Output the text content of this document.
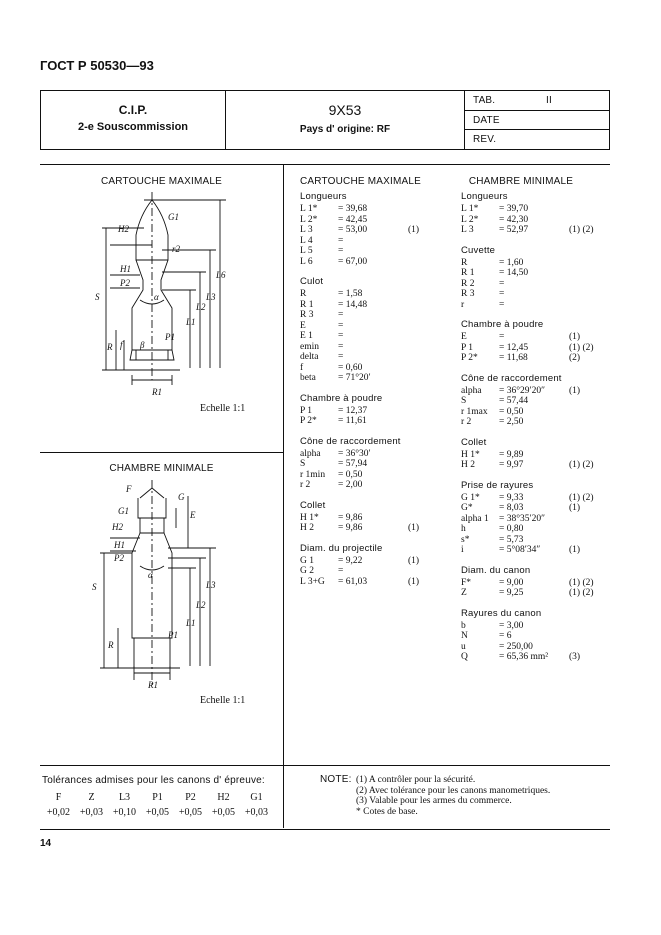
ГОСТ Р 50530—93
C.I.P.
2-e Souscommission
9X53
Pays d' origine: RF
TAB.	II
DATE
REV.
CARTOUCHE MAXIMALE
H2
G1
r2
H1
P2
S	α
L1
L2
L3
L6
R f β
R1
P1
Echelle 1:1
CHAMBRE MINIMALE
F
G1
G
E
H2
H1
P2
S
α
L1
L2
L3
R
P1
R1
Echelle 1:1
CARTOUCHE MAXIMALE
Longueurs
L 1*	= 39,68
L 2*	= 42,45
L 3	= 53,00	(1)
L 4	=
L 5	=
L 6	= 67,00
Culot
R	= 1,58
R 1	= 14,48
R 3	=
E	=
E 1	=
emin	=
delta	=
f	= 0,60
beta	= 71°20′
Chambre à poudre
P 1	= 12,37
P 2*	= 11,61
Cône de raccordement
alpha	= 36°30′
S	= 57,94
r 1min	= 0,50
r 2	= 2,00
Collet
H 1*	= 9,86
H 2	= 9,86	(1)
Diam. du projectile
G 1	= 9,22	(1)
G 2	=
L 3+G	= 61,03	(1)
CHAMBRE MINIMALE
Longueurs
L 1*	= 39,70
L 2*	= 42,30
L 3	= 52,97	(1) (2)
Cuvette
R	= 1,60
R 1	= 14,50
R 2	=
R 3	=
r	=
Chambre à poudre
E	=	(1)
P 1	= 12,45	(1) (2)
P 2*	= 11,68	(2)
Cône de raccordement
alpha	= 36°29′20″	(1)
S	= 57,44
r 1max	= 0,50
r 2	= 2,50
Collet
H 1*	= 9,89
H 2	= 9,97	(1) (2)
Prise de rayures
G 1*	= 9,33	(1) (2)
G*	= 8,03	(1)
alpha 1	= 38°35′20″
h	= 0,80
s*	= 5,73
i	= 5°08′34″	(1)
Diam. du canon
F*	= 9,00	(1) (2)
Z	= 9,25	(1) (2)
Rayures du canon
b	= 3,00
N	= 6
u	= 250,00
Q	= 65,36 mm²	(3)
Tolérances admises pour les canons d' épreuve:
F	Z	L3	P1	P2	H2	G1
+0,02 +0,03 +0,10 +0,05 +0,05 +0,05 +0,03
NOTE: (1) A contrôler pour la sécurité.
(2) Avec tolérance pour les canons manometriques.
(3) Valable pour les armes du commerce.
* Cotes de base.
14
